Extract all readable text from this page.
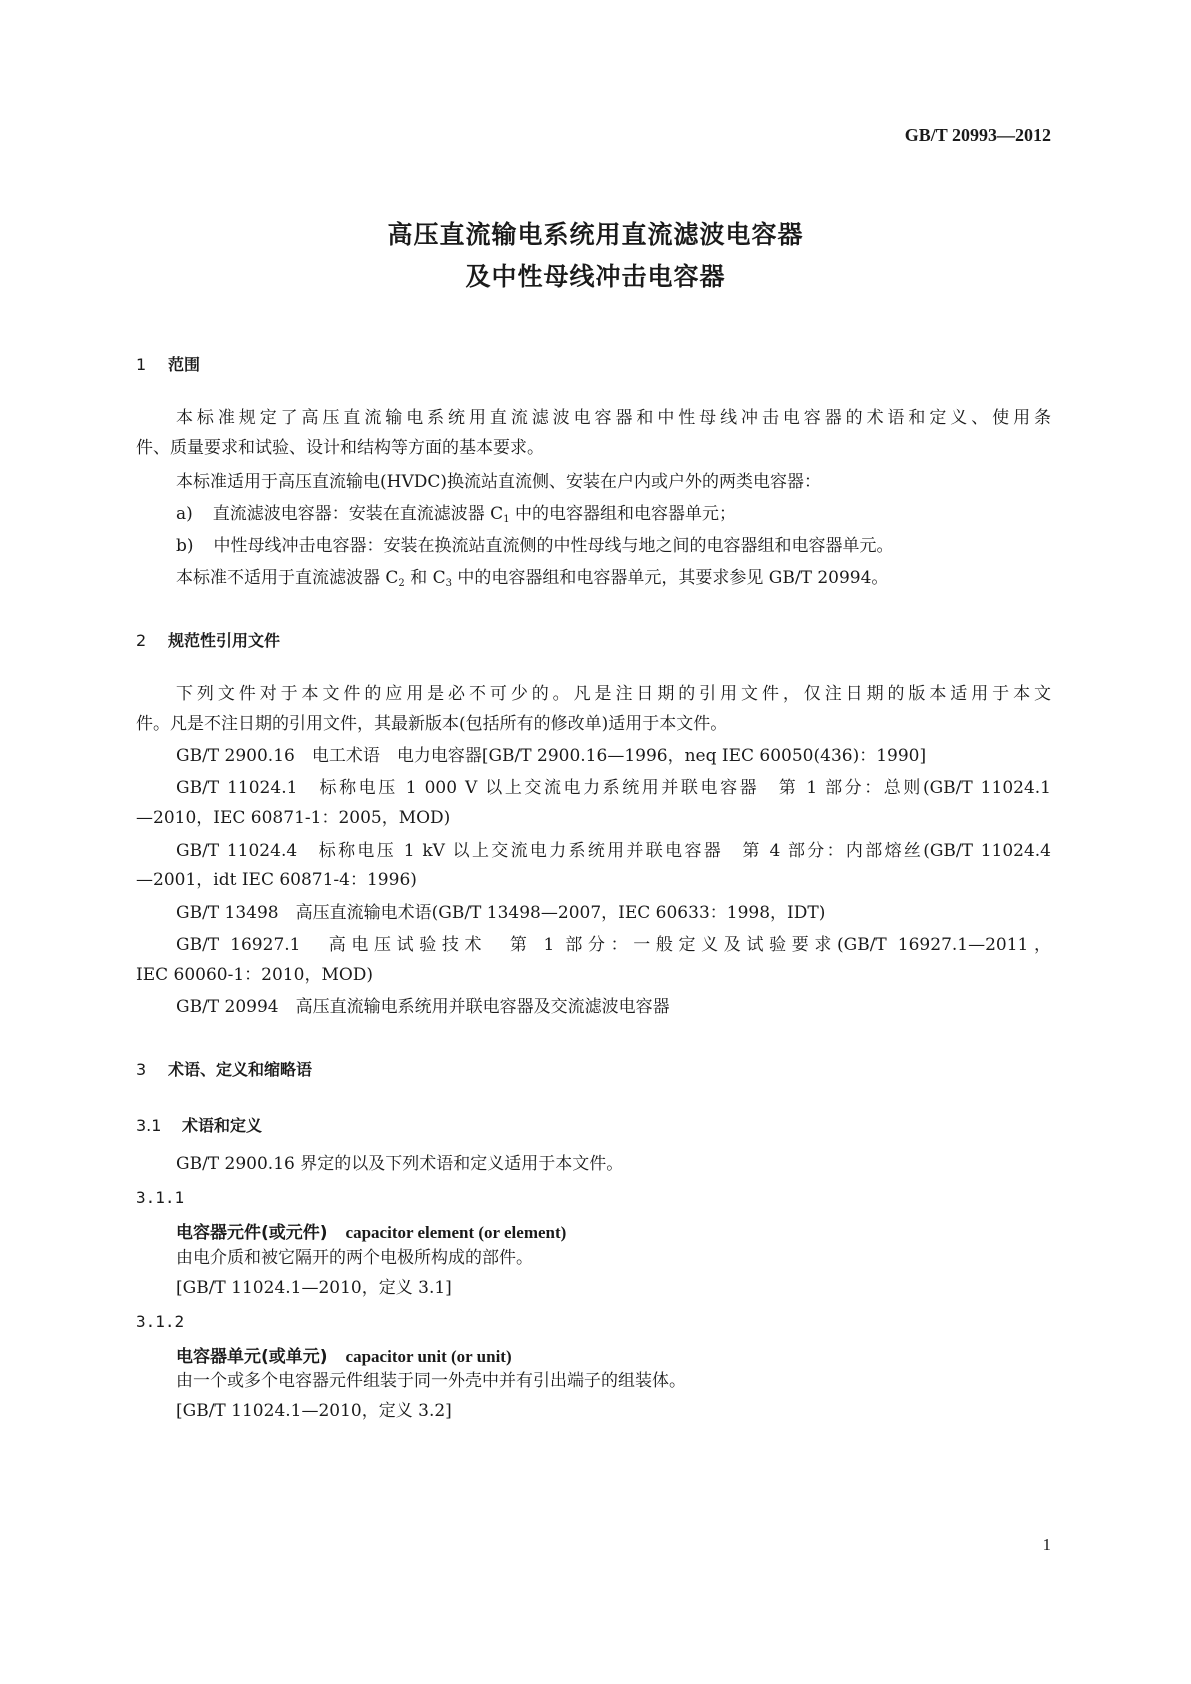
GB/T 20993—2012
高压直流输电系统用直流滤波电容器
及中性母线冲击电容器
1 范围
本标准规定了高压直流输电系统用直流滤波电容器和中性母线冲击电容器的术语和定义、使用条
件、质量要求和试验、设计和结构等方面的基本要求。
本标准适用于高压直流输电(HVDC)换流站直流侧、安装在户内或户外的两类电容器：
a) 直流滤波电容器：安装在直流滤波器 $C_1$ 中的电容器组和电容器单元；
b) 中性母线冲击电容器：安装在换流站直流侧的中性母线与地之间的电容器组和电容器单元。
本标准不适用于直流滤波器 $C_2$ 和 $C_3$ 中的电容器组和电容器单元，其要求参见 GB/T 20994。
2 规范性引用文件
下列文件对于本文件的应用是必不可少的。凡是注日期的引用文件，仅注日期的版本适用于本文
件。凡是不注日期的引用文件，其最新版本(包括所有的修改单)适用于本文件。
GB/T 2900.16　电工术语　电力电容器[GB/T 2900.16—1996，neq IEC 60050(436)：1990]
GB/T 11024.1　标称电压 1 000 V 以上交流电力系统用并联电容器　第 1 部分：总则(GB/T 11024.1
—2010，IEC 60871-1：2005，MOD)
GB/T 11024.4　标称电压 1 kV 以上交流电力系统用并联电容器　第 4 部分：内部熔丝(GB/T 11024.4
—2001，idt IEC 60871-4：1996)
GB/T 13498　高压直流输电术语(GB/T 13498—2007，IEC 60633：1998，IDT)
GB/T 16927.1　高电压试验技术　第 1 部分：一般定义及试验要求(GB/T 16927.1—2011，
IEC 60060-1：2010，MOD)
GB/T 20994　高压直流输电系统用并联电容器及交流滤波电容器
3 术语、定义和缩略语
3.1 术语和定义
GB/T 2900.16 界定的以及下列术语和定义适用于本文件。
3.1.1
电容器元件(或元件) capacitor element (or element)
由电介质和被它隔开的两个电极所构成的部件。
[GB/T 11024.1—2010，定义 3.1]
3.1.2
电容器单元(或单元) capacitor unit (or unit)
由一个或多个电容器元件组装于同一外壳中并有引出端子的组装体。
[GB/T 11024.1—2010，定义 3.2]
1
